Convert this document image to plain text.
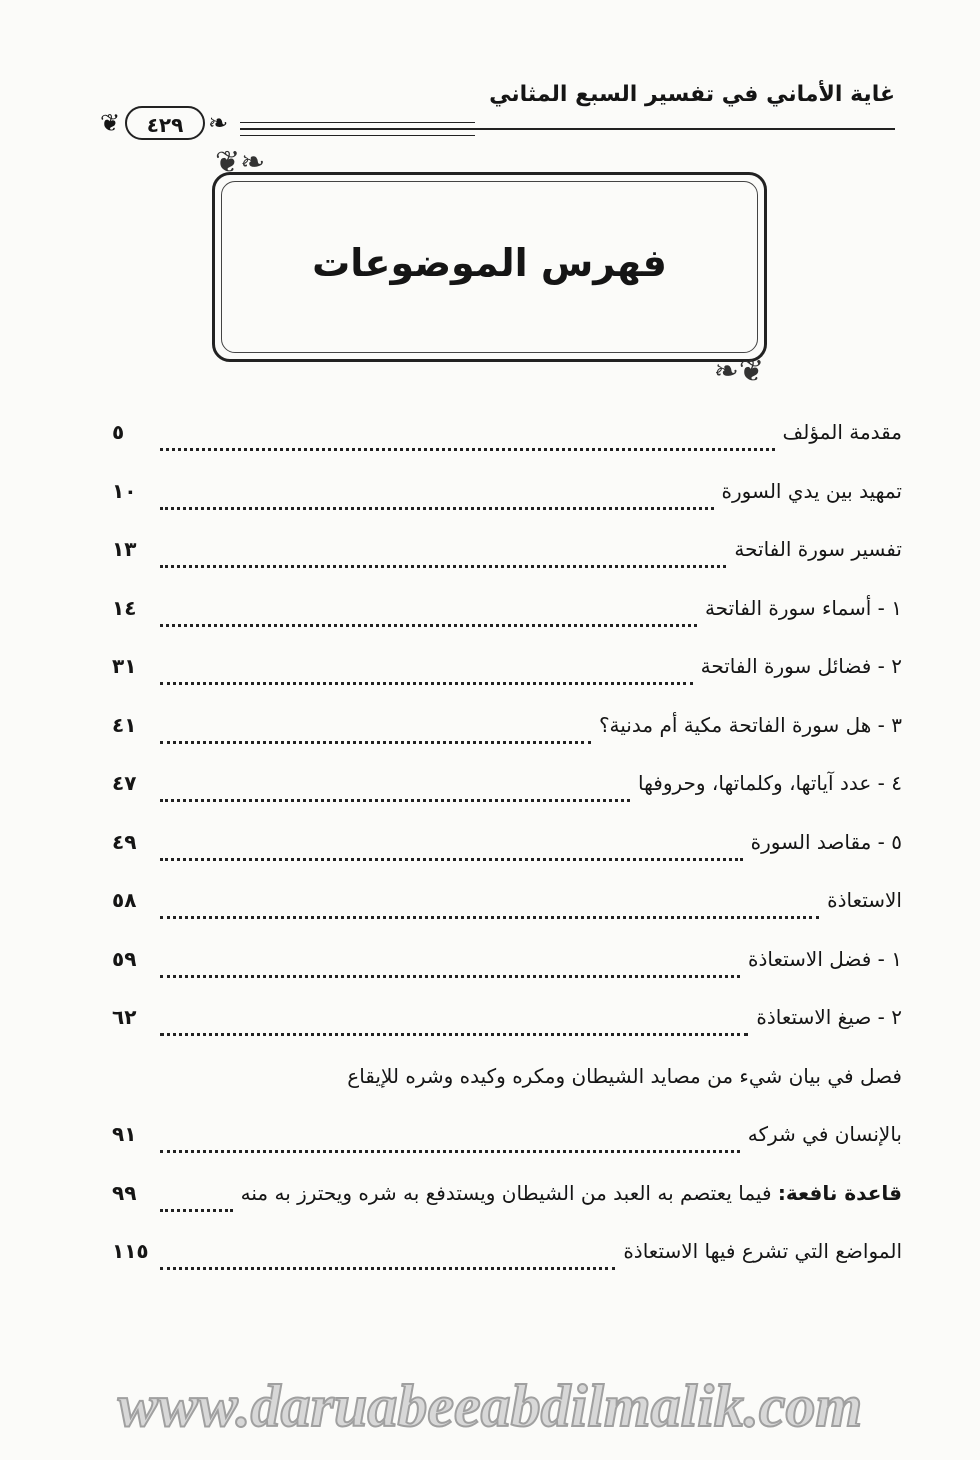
غاية الأماني في تفسير السبع المثاني
❦	٤٢٩	❧
❦❧
❧❦
فهرس الموضوعات
مقدمة المؤلف
٥
تمهيد بين يدي السورة
١٠
تفسير سورة الفاتحة
١٣
١ - أسماء سورة الفاتحة
١٤
٢ - فضائل سورة الفاتحة
٣١
٣ - هل سورة الفاتحة مكية أم مدنية؟
٤١
٤ - عدد آياتها، وكلماتها، وحروفها
٤٧
٥ - مقاصد السورة
٤٩
الاستعاذة
٥٨
١ - فضل الاستعاذة
٥٩
٢ - صيغ الاستعاذة
٦٢
فصل في بيان شيء من مصايد الشيطان ومكره وكيده وشره للإيقاع
بالإنسان في شركه
٩١
قاعدة نافعة: فيما يعتصم به العبد من الشيطان ويستدفع به شره ويحترز به منه
٩٩
المواضع التي تشرع فيها الاستعاذة
١١٥
www.daruabeeabdilmalik.com
